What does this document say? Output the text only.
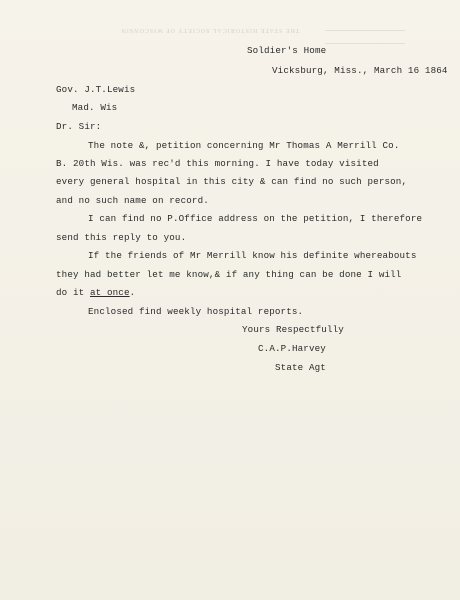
THE STATE HISTORICAL SOCIETY OF WISCONSIN
Soldier's Home
Vicksburg, Miss., March 16 1864
Gov. J.T.Lewis
Mad. Wis
Dr. Sir:
The note &, petition concerning Mr Thomas A Merrill Co.
B. 20th Wis. was rec'd this morning. I have today visited
every general hospital in this city & can find no such person,
and no such name on record.
I can find no P.Office address on the petition, I therefore
send this reply to you.
If the friends of Mr Merrill know his definite whereabouts
they had better let me know,& if any thing can be done I will
do it at once.
Enclosed find weekly hospital reports.
Yours Respectfully
C.A.P.Harvey
State Agt
